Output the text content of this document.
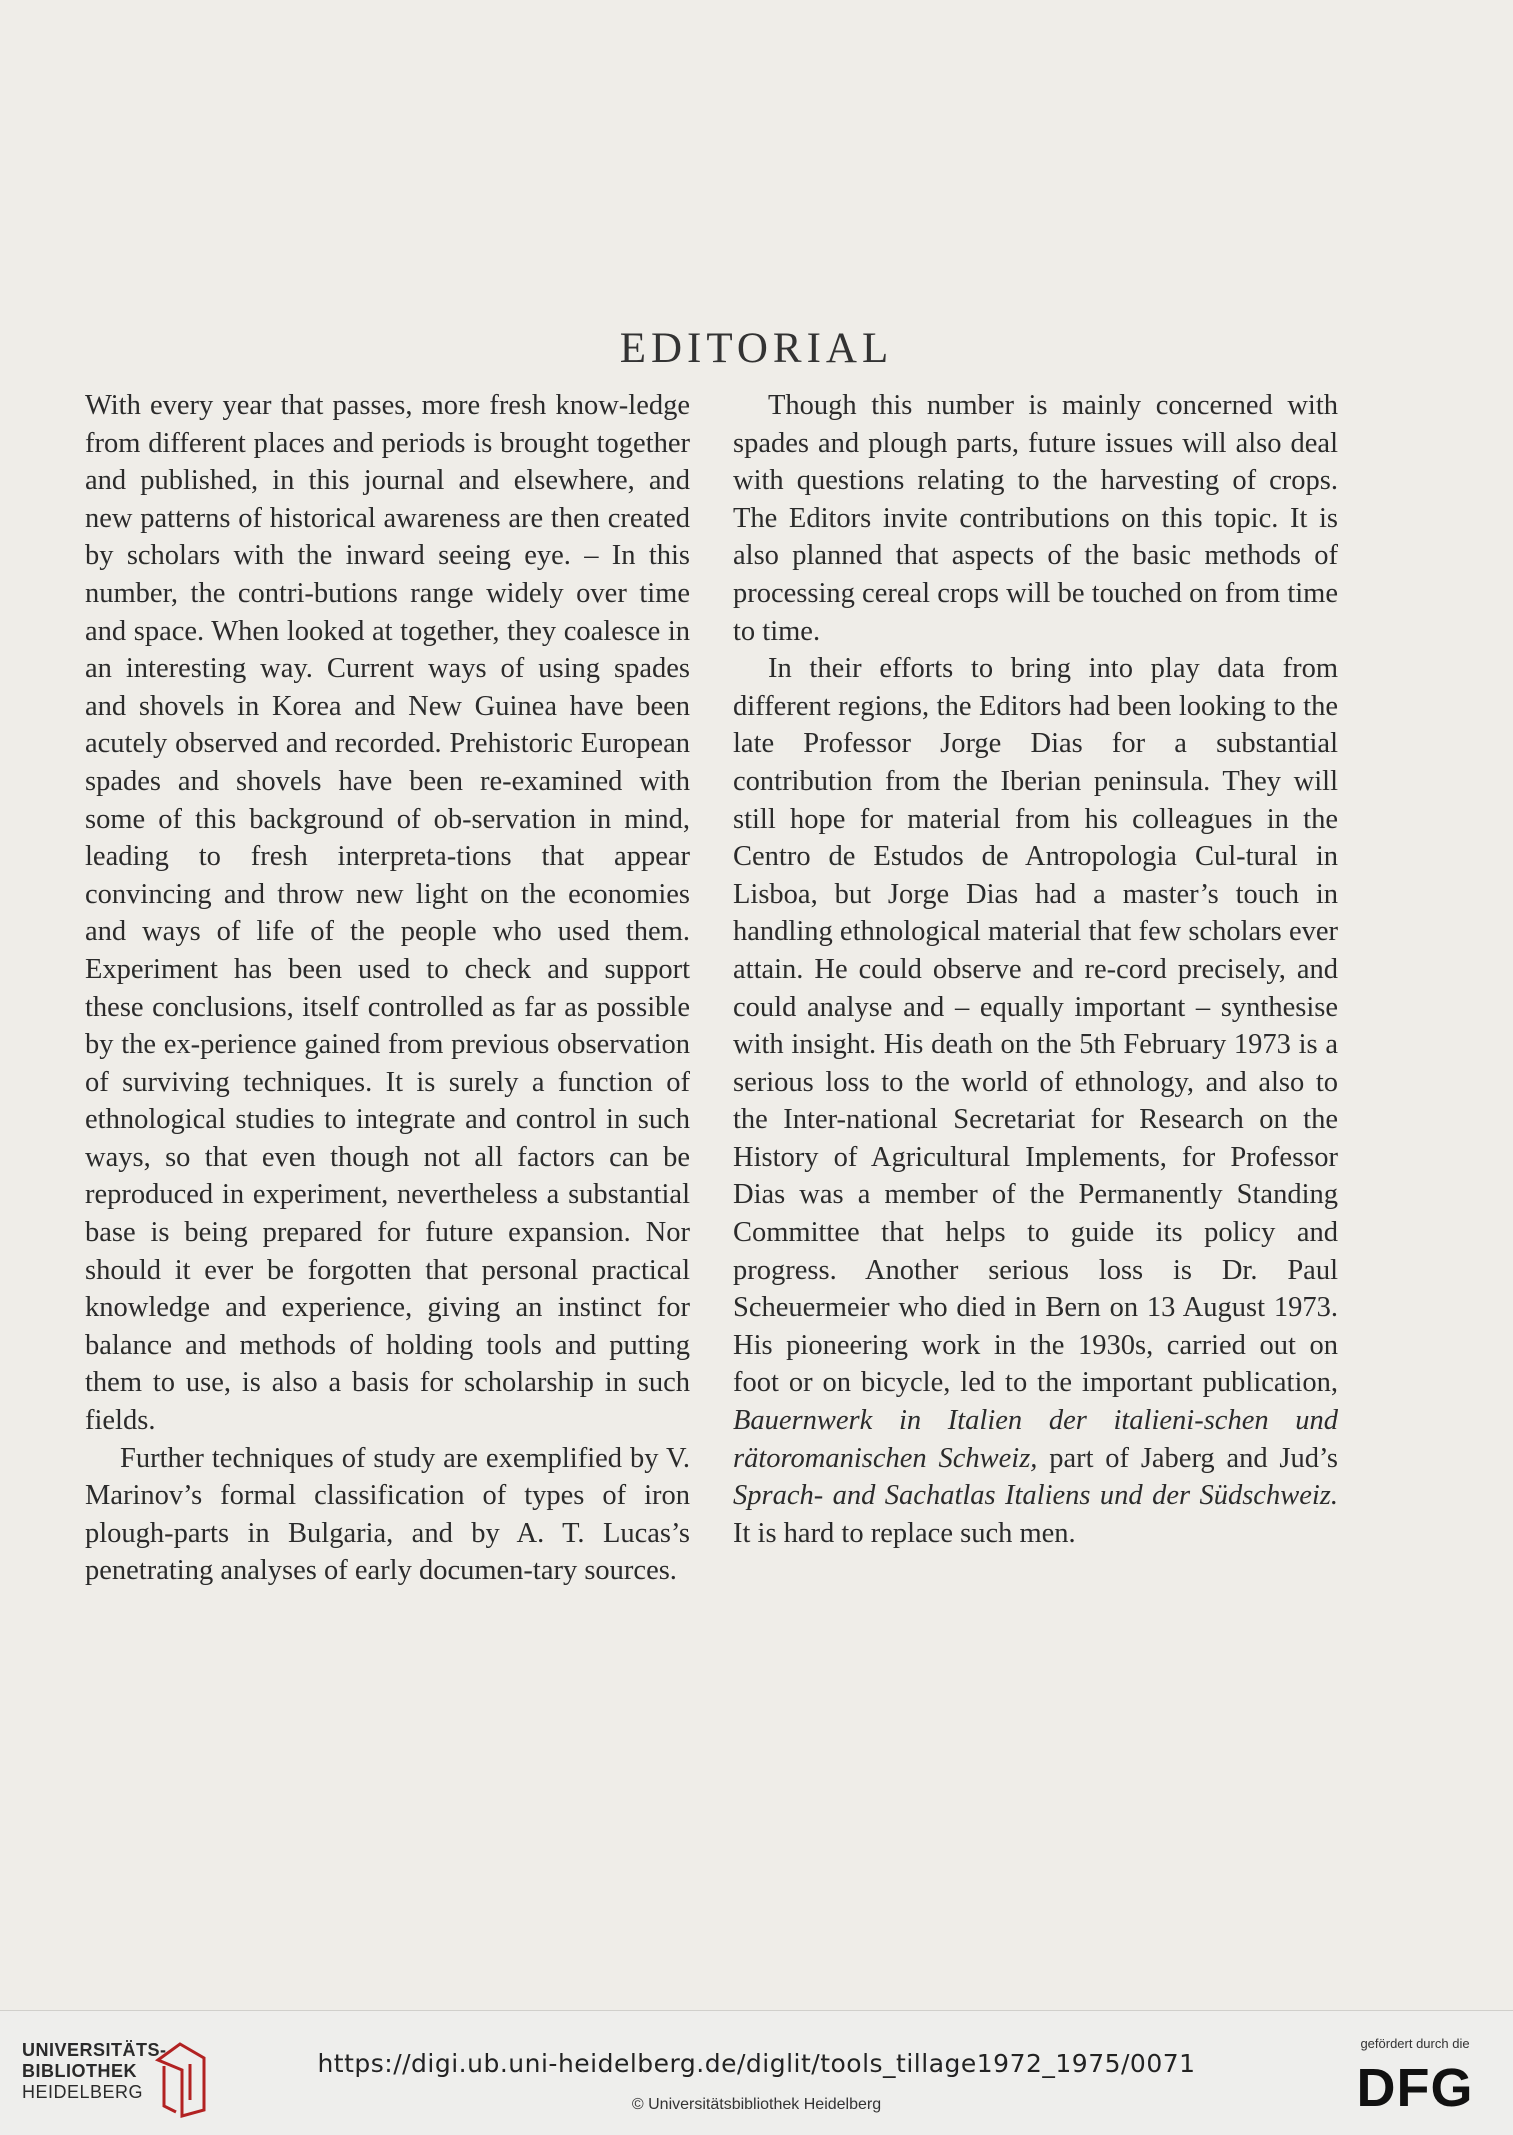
EDITORIAL

With every year that passes, more fresh know-ledge from different places and periods is brought together and published, in this journal and elsewhere, and new patterns of historical awareness are then created by scholars with the inward seeing eye. – In this number, the contri-butions range widely over time and space. When looked at together, they coalesce in an interesting way. Current ways of using spades and shovels in Korea and New Guinea have been acutely observed and recorded. Prehistoric European spades and shovels have been re-examined with some of this background of ob-servation in mind, leading to fresh interpreta-tions that appear convincing and throw new light on the economies and ways of life of the people who used them. Experiment has been used to check and support these conclusions, itself controlled as far as possible by the ex-perience gained from previous observation of surviving techniques. It is surely a function of ethnological studies to integrate and control in such ways, so that even though not all factors can be reproduced in experiment, nevertheless a substantial base is being prepared for future expansion. Nor should it ever be forgotten that personal practical knowledge and experience, giving an instinct for balance and methods of holding tools and putting them to use, is also a basis for scholarship in such fields.

Further techniques of study are exemplified by V. Marinov’s formal classification of types of iron plough-parts in Bulgaria, and by A. T. Lucas’s penetrating analyses of early documen-tary sources.

Though this number is mainly concerned with spades and plough parts, future issues will also deal with questions relating to the harvesting of crops. The Editors invite contributions on this topic. It is also planned that aspects of the basic methods of processing cereal crops will be touched on from time to time.

In their efforts to bring into play data from different regions, the Editors had been looking to the late Professor Jorge Dias for a substantial contribution from the Iberian peninsula. They will still hope for material from his colleagues in the Centro de Estudos de Antropologia Cul-tural in Lisboa, but Jorge Dias had a master’s touch in handling ethnological material that few scholars ever attain. He could observe and re-cord precisely, and could analyse and – equally important – synthesise with insight. His death on the 5th February 1973 is a serious loss to the world of ethnology, and also to the Inter-national Secretariat for Research on the History of Agricultural Implements, for Professor Dias was a member of the Permanently Standing Committee that helps to guide its policy and progress. Another serious loss is Dr. Paul Scheuermeier who died in Bern on 13 August 1973. His pioneering work in the 1930s, carried out on foot or on bicycle, led to the important publication, Bauernwerk in Italien der italieni-schen und rätoromanischen Schweiz, part of Jaberg and Jud’s Sprach- and Sachatlas Italiens und der Südschweiz. It is hard to replace such men.

UNIVERSITÄTS-
BIBLIOTHEK
HEIDELBERG
https://digi.ub.uni-heidelberg.de/diglit/tools_tillage1972_1975/0071
© Universitätsbibliothek Heidelberg
gefördert durch die
DFG
